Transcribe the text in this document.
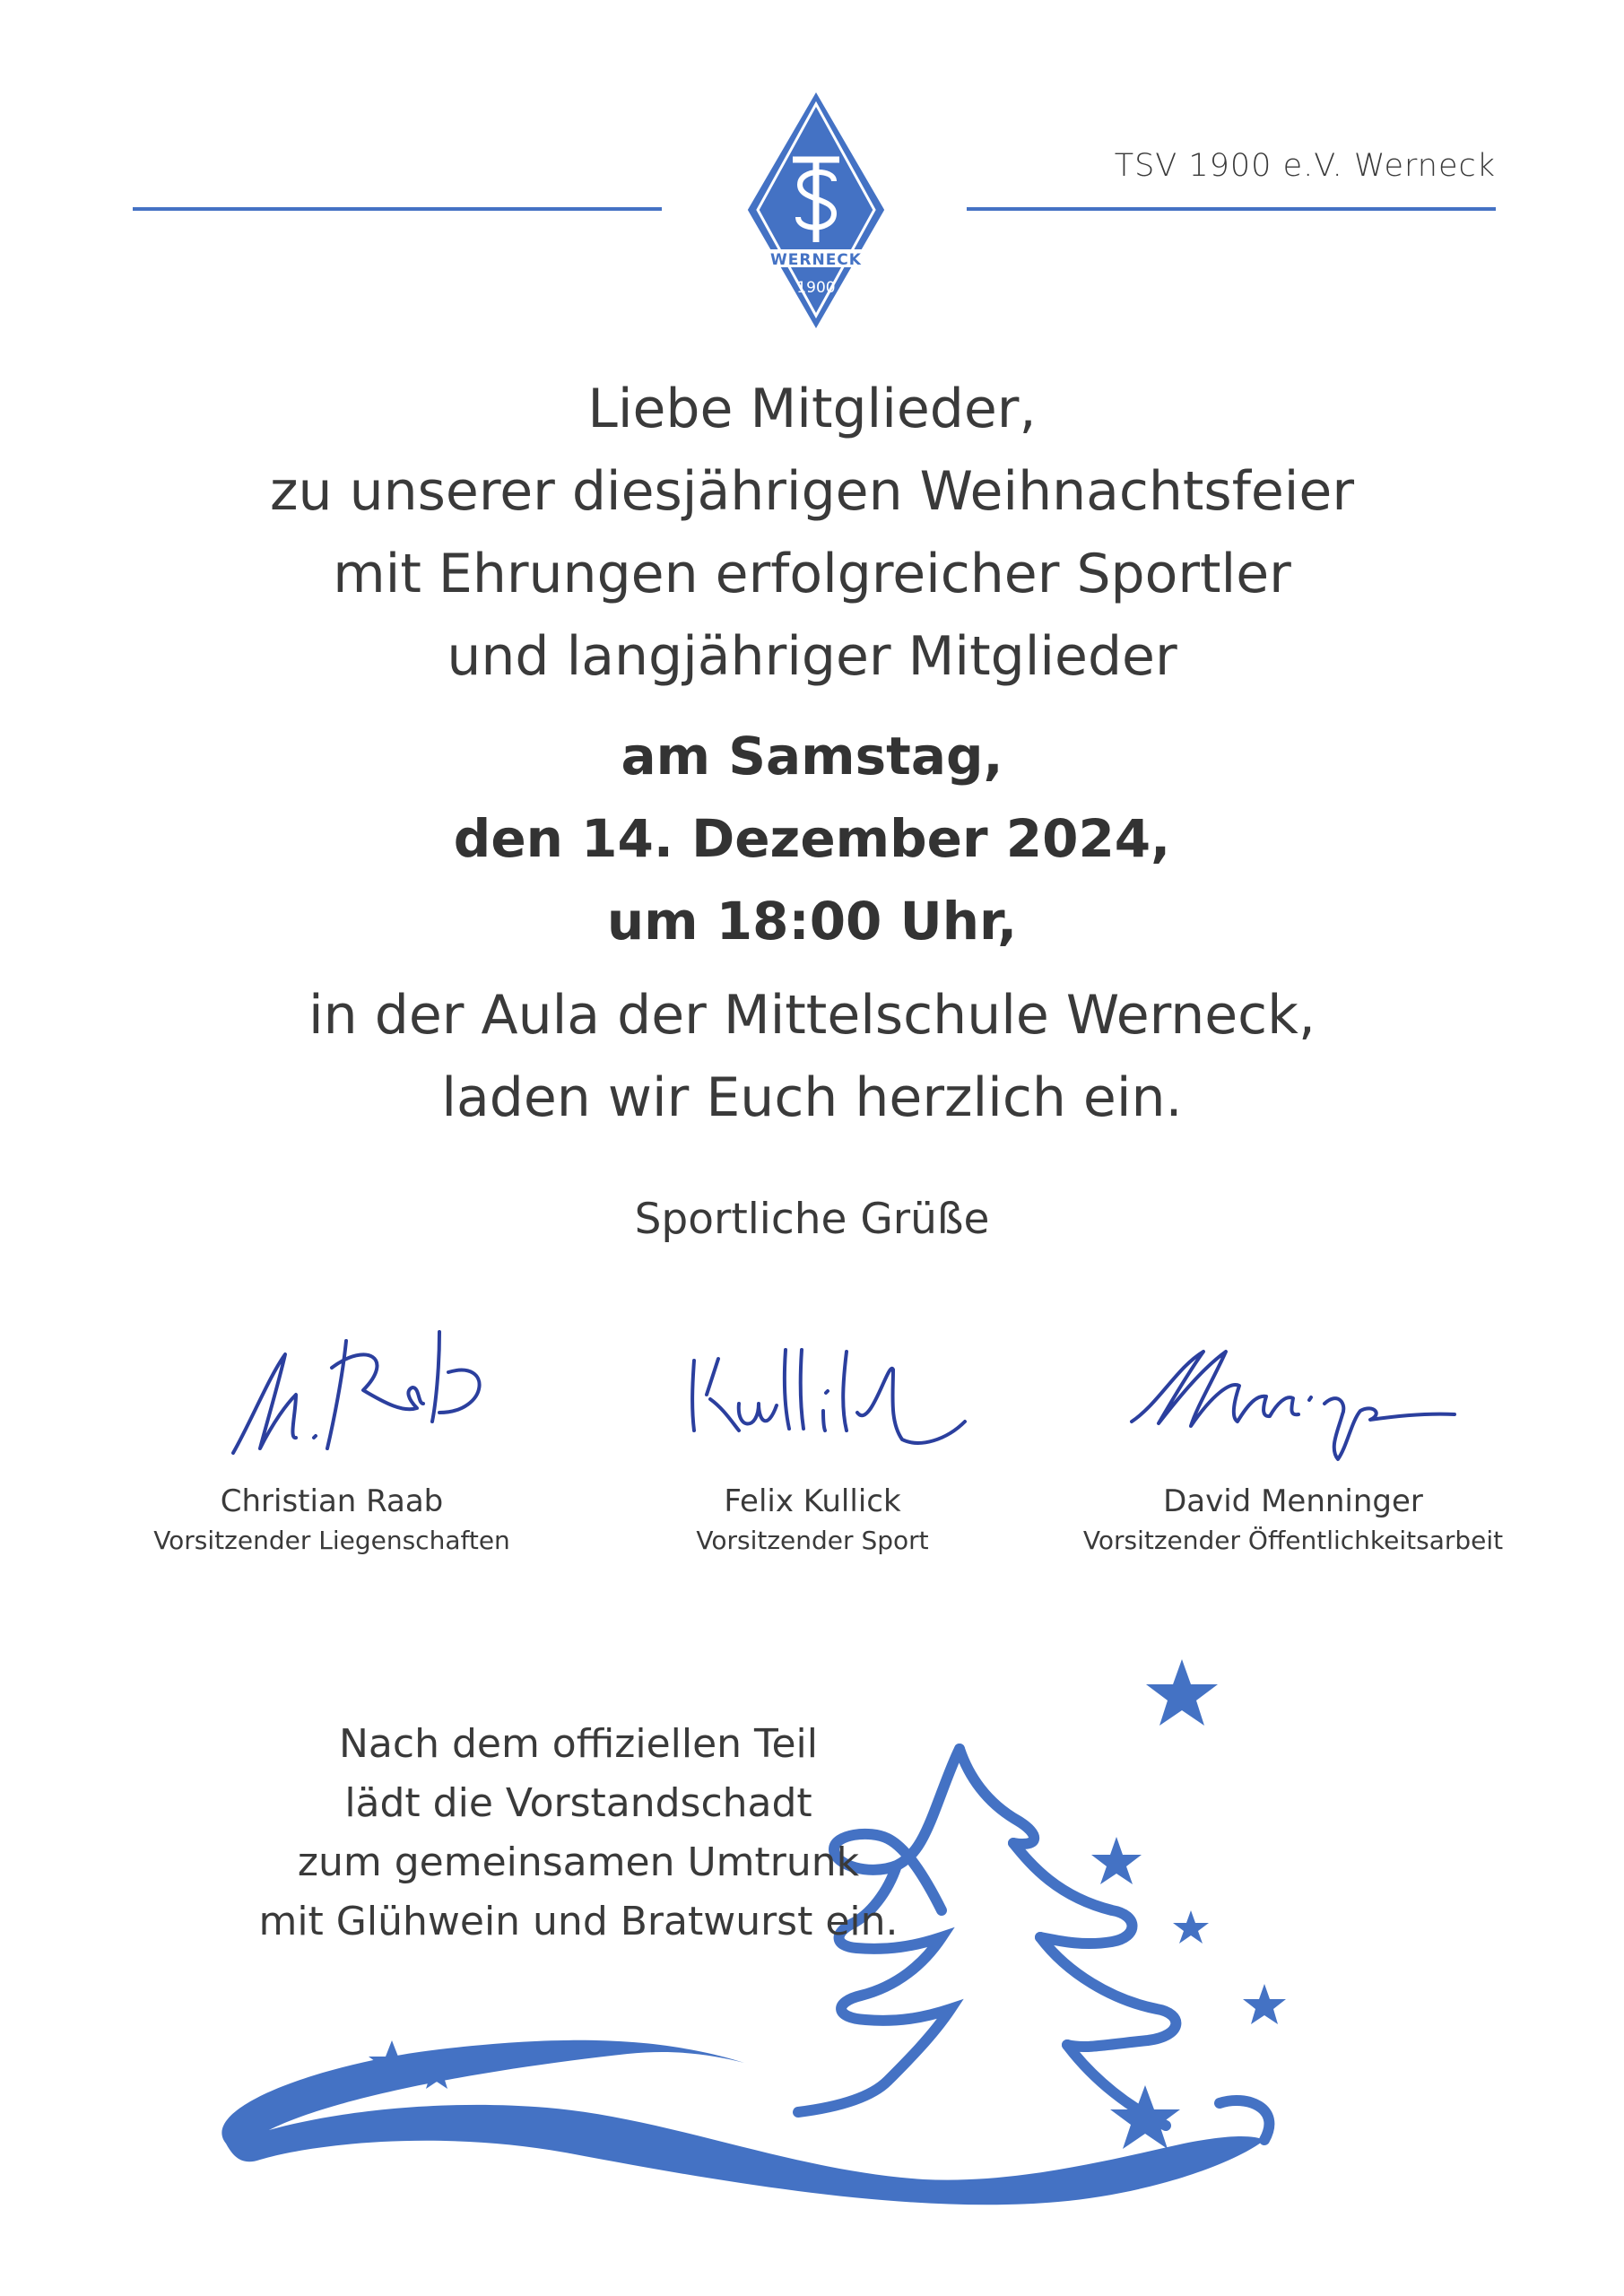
TSV 1900 e.V. Werneck
WERNECK
1900
Liebe Mitglieder,
zu unserer diesjährigen Weihnachtsfeier
mit Ehrungen erfolgreicher Sportler
und langjähriger Mitglieder
am Samstag,
den 14. Dezember 2024,
um 18:00 Uhr,
in der Aula der Mittelschule Werneck,
laden wir Euch herzlich ein.
Sportliche Grüße
Christian Raab
Vorsitzender Liegenschaften
Felix Kullick
Vorsitzender Sport
David Menninger
Vorsitzender Öffentlichkeitsarbeit
Nach dem offiziellen Teil
lädt die Vorstandschadt
zum gemeinsamen Umtrunk
mit Glühwein und Bratwurst ein.
